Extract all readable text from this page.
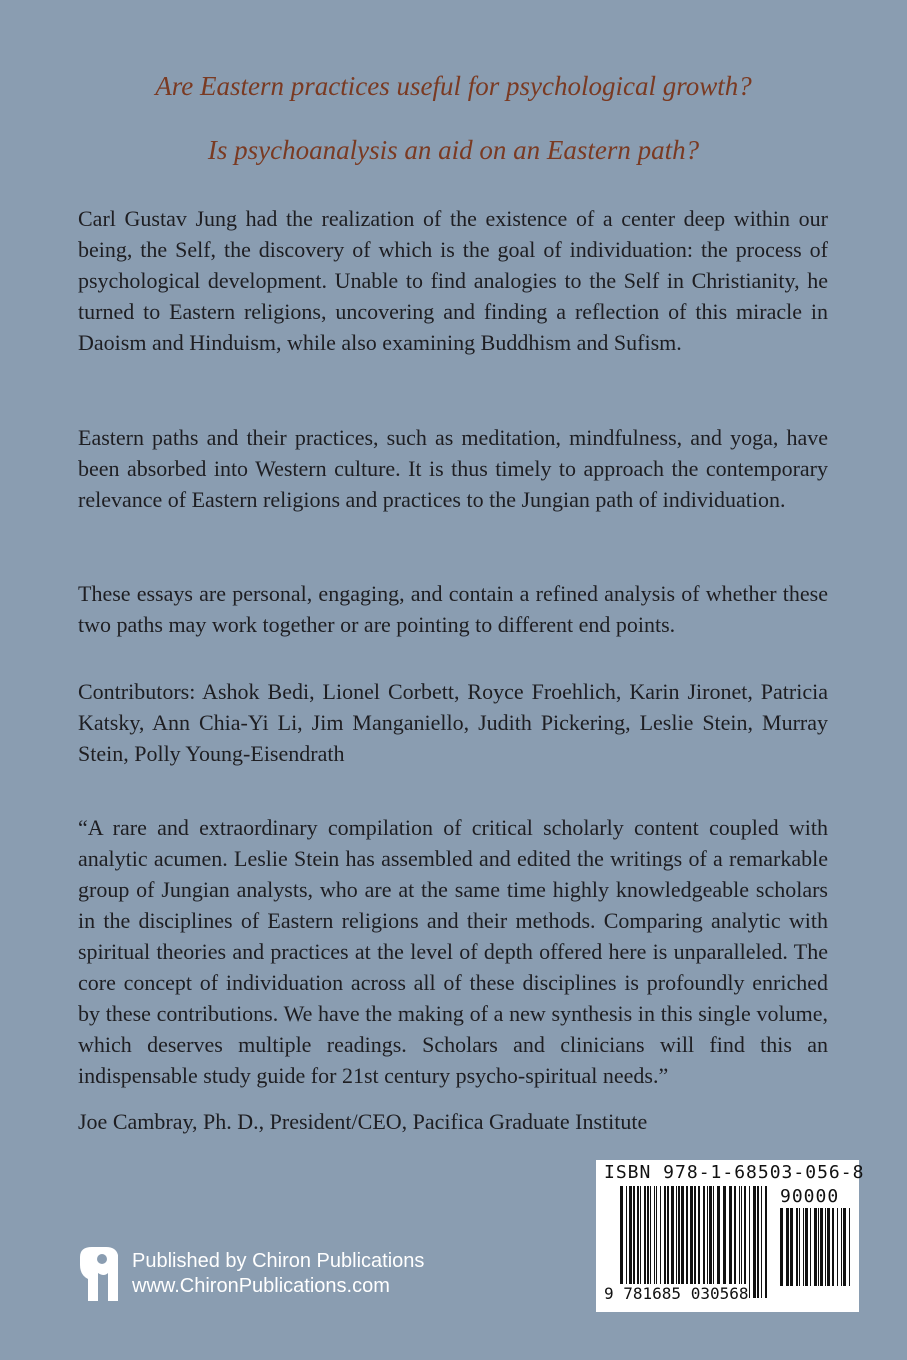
Are Eastern practices useful for psychological growth?

Is psychoanalysis an aid on an Eastern path?

Carl Gustav Jung had the realization of the existence of a center deep within our being, the Self, the discovery of which is the goal of individuation: the process of psychological development. Unable to find analogies to the Self in Christianity, he turned to Eastern religions, uncovering and finding a reflection of this miracle in Daoism and Hinduism, while also examining Buddhism and Sufism.

Eastern paths and their practices, such as meditation, mindfulness, and yoga, have been absorbed into Western culture. It is thus timely to approach the contemporary relevance of Eastern religions and practices to the Jungian path of individuation.

These essays are personal, engaging, and contain a refined analysis of whether these two paths may work together or are pointing to different end points.

Contributors: Ashok Bedi, Lionel Corbett, Royce Froehlich, Karin Jironet, Patricia Katsky, Ann Chia-Yi Li, Jim Manganiello, Judith Pickering, Leslie Stein, Murray Stein, Polly Young-Eisendrath

“A rare and extraordinary compilation of critical scholarly content coupled with analytic acumen. Leslie Stein has assembled and edited the writings of a remarkable group of Jungian analysts, who are at the same time highly knowledgeable scholars in the disciplines of Eastern religions and their methods. Comparing analytic with spiritual theories and practices at the level of depth offered here is unparalleled. The core concept of individuation across all of these disciplines is profoundly enriched by these contributions. We have the making of a new synthesis in this single volume, which deserves multiple readings. Scholars and clinicians will find this an indispensable study guide for 21st century psycho-spiritual needs.”

Joe Cambray, Ph. D., President/CEO, Pacifica Graduate Institute

Published by Chiron Publications
www.ChironPublications.com
ISBN 978-1-68503-056-8
90000
9 781685 030568
